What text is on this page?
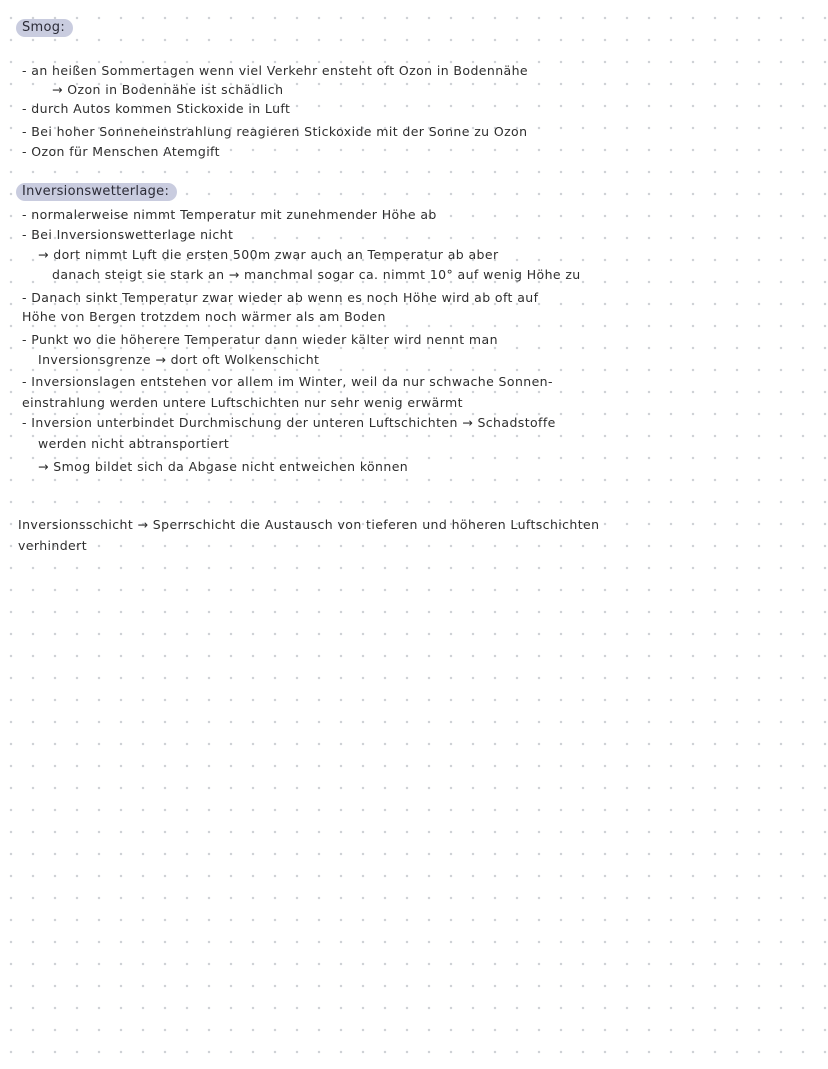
Smog:
- an heißen Sommertagen wenn viel Verkehr ensteht oft Ozon in Bodennähe
→ Ozon in Bodennähe ist schädlich
- durch Autos kommen Stickoxide in Luft
- Bei hoher Sonneneinstrahlung reagieren Stickoxide mit der Sonne zu Ozon
- Ozon für Menschen Atemgift
Inversionswetterlage:
- normalerweise nimmt Temperatur mit zunehmender Höhe ab
- Bei Inversionswetterlage nicht
→ dort nimmt Luft die ersten 500m zwar auch an Temperatur ab aber
danach steigt sie stark an → manchmal sogar ca. nimmt 10° auf wenig Höhe zu
- Danach sinkt Temperatur zwar wieder ab wenn es noch Höhe wird ab oft auf
Höhe von Bergen trotzdem noch wärmer als am Boden
- Punkt wo die höherere Temperatur dann wieder kälter wird nennt man
Inversionsgrenze → dort oft Wolkenschicht
- Inversionslagen entstehen vor allem im Winter, weil da nur schwache Sonnen-
einstrahlung werden untere Luftschichten nur sehr wenig erwärmt
- Inversion unterbindet Durchmischung der unteren Luftschichten → Schadstoffe
werden nicht abtransportiert
→ Smog bildet sich da Abgase nicht entweichen können
Inversionsschicht → Sperrschicht die Austausch von tieferen und höheren Luftschichten
verhindert
